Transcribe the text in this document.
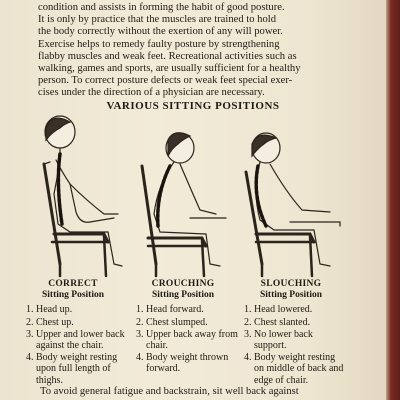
condition and assists in forming the habit of good posture.
It is only by practice that the muscles are trained to hold
the body correctly without the exertion of any will power.
Exercise helps to remedy faulty posture by strengthening
flabby muscles and weak feet. Recreational activities such as
walking, games and sports, are usually sufficient for a healthy
person. To correct posture defects or weak feet special exer-
cises under the direction of a physician are necessary.
VARIOUS SITTING POSITIONS
CORRECT
Sitting Position
1. Head up.
2. Chest up.
3. Upper and lower back against the chair.
4. Body weight resting upon full length of thighs.
CROUCHING
Sitting Position
1. Head forward.
2. Chest slumped.
3. Upper back away from chair.
4. Body weight thrown forward.
SLOUCHING
Sitting Position
1. Head lowered.
2. Chest slanted.
3. No lower back support.
4. Body weight resting on middle of back and edge of chair.
To avoid general fatigue and backstrain, sit well back against
